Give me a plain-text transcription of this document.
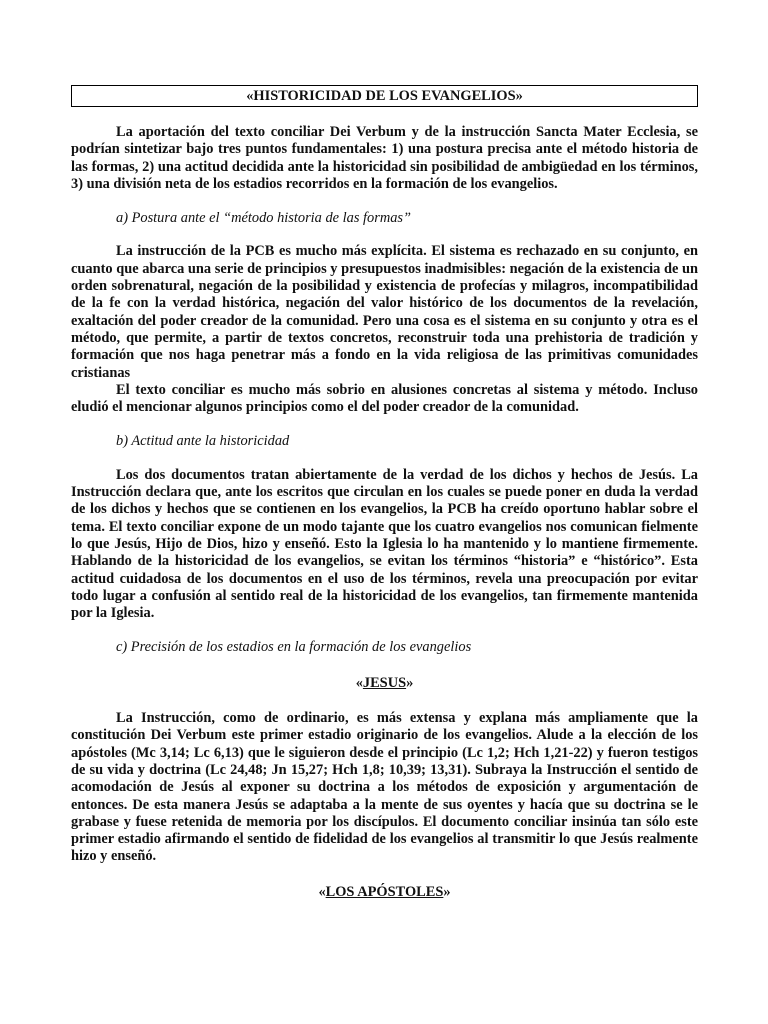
«HISTORICIDAD DE LOS EVANGELIOS»

La aportación del texto conciliar Dei Verbum y de la instrucción Sancta Mater Ecclesia, se podrían sintetizar bajo tres puntos fundamentales: 1) una postura precisa ante el método historia de las formas, 2) una actitud decidida ante la historicidad sin posibilidad de ambigüedad en los términos, 3) una división neta de los estadios recorridos en la formación de los evangelios.

a) Postura ante el “método historia de las formas”

La instrucción de la PCB es mucho más explícita. El sistema es rechazado en su conjunto, en cuanto que abarca una serie de principios y presupuestos inadmisibles: negación de la existencia de un orden sobrenatural, negación de la posibilidad y existencia de profecías y milagros, incompatibilidad de la fe con la verdad histórica, negación del valor histórico de los documentos de la revelación, exaltación del poder creador de la comunidad. Pero una cosa es el sistema en su conjunto y otra es el método, que permite, a partir de textos concretos, reconstruir toda una prehistoria de tradición y formación que nos haga penetrar más a fondo en la vida religiosa de las primitivas comunidades cristianas

El texto conciliar es mucho más sobrio en alusiones concretas al sistema y método. Incluso eludió el mencionar algunos principios como el del poder creador de la comunidad.

b) Actitud ante la historicidad

Los dos documentos tratan abiertamente de la verdad de los dichos y hechos de Jesús. La Instrucción declara que, ante los escritos que circulan en los cuales se puede poner en duda la verdad de los dichos y hechos que se contienen en los evangelios, la PCB ha creído oportuno hablar sobre el tema. El texto conciliar expone de un modo tajante que los cuatro evangelios nos comunican fielmente lo que Jesús, Hijo de Dios, hizo y enseñó. Esto la Iglesia lo ha mantenido y lo mantiene firmemente. Hablando de la historicidad de los evangelios, se evitan los términos “historia” e “histórico”. Esta actitud cuidadosa de los documentos en el uso de los términos, revela una preocupación por evitar todo lugar a confusión al sentido real de la historicidad de los evangelios, tan firmemente mantenida por la Iglesia.

c) Precisión de los estadios en la formación de los evangelios
«JESUS»

La Instrucción, como de ordinario, es más extensa y explana más ampliamente que la constitución Dei Verbum este primer estadio originario de los evangelios. Alude a la elección de los apóstoles (Mc 3,14; Lc 6,13) que le siguieron desde el principio (Lc 1,2; Hch 1,21-22) y fueron testigos de su vida y doctrina (Lc 24,48; Jn 15,27; Hch 1,8; 10,39; 13,31). Subraya la Instrucción el sentido de acomodación de Jesús al exponer su doctrina a los métodos de exposición y argumentación de entonces. De esta manera Jesús se adaptaba a la mente de sus oyentes y hacía que su doctrina se le grabase y fuese retenida de memoria por los discípulos. El documento conciliar insinúa tan sólo este primer estadio afirmando el sentido de fidelidad de los evangelios al transmitir lo que Jesús realmente hizo y enseñó.

«LOS APÓSTOLES»
